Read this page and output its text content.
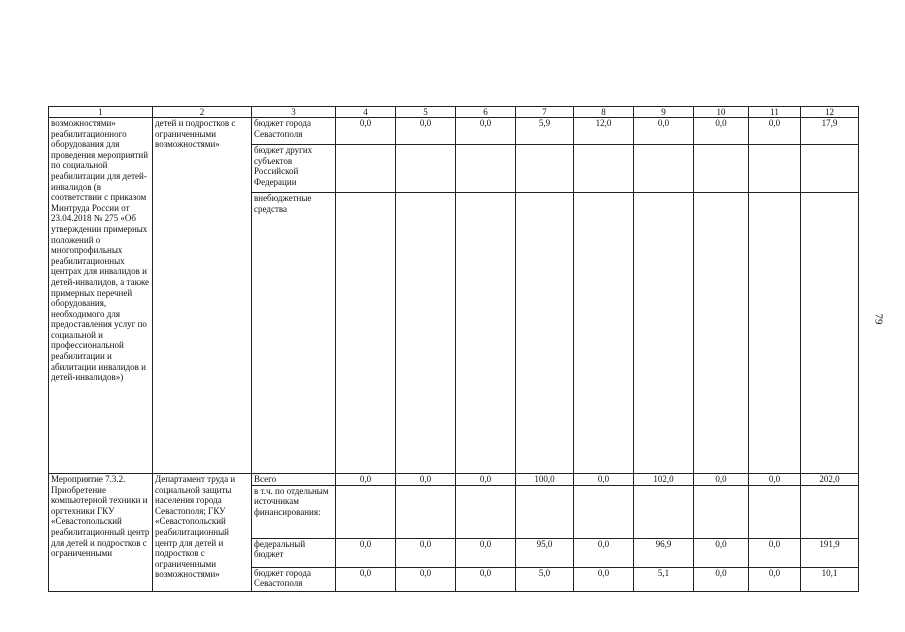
79
1	2	3	4	5	6	7	8	9	10	11	12
возможностями» реабилитационного оборудования для проведения мероприятий по социальной реабилитации для детей-инвалидов (в соответствии с приказом Минтруда России от 23.04.2018 № 275 «Об утверждении примерных положений о многопрофильных реабилитационных центрах для инвалидов и детей-инвалидов, а также примерных перечней оборудования, необходимого для предоставления услуг по социальной и профессиональной реабилитации и абилитации инвалидов и детей-инвалидов»)	детей и подростков с ограниченными возможностями»	бюджет города Севастополя	0,0	0,0	0,0	5,9	12,0	0,0	0,0	0,0	17,9
		бюджет других субъектов Российской Федерации									
		внебюджетные средства									
Мероприятие 7.3.2. Приобретение компьютерной техники и оргтехники ГКУ «Севастопольский реабилитационный центр для детей и подростков с ограниченными	Департамент труда и социальной защиты населения города Севастополя; ГКУ «Севастопольский реабилитационный центр для детей и подростков с ограниченными возможностями»	Всего	0,0	0,0	0,0	100,0	0,0	102,0	0,0	0,0	202,0
		в т.ч. по отдельным источникам финансирования:									
		федеральный бюджет	0,0	0,0	0,0	95,0	0,0	96,9	0,0	0,0	191,9
		бюджет города Севастополя	0,0	0,0	0,0	5,0	0,0	5,1	0,0	0,0	10,1
